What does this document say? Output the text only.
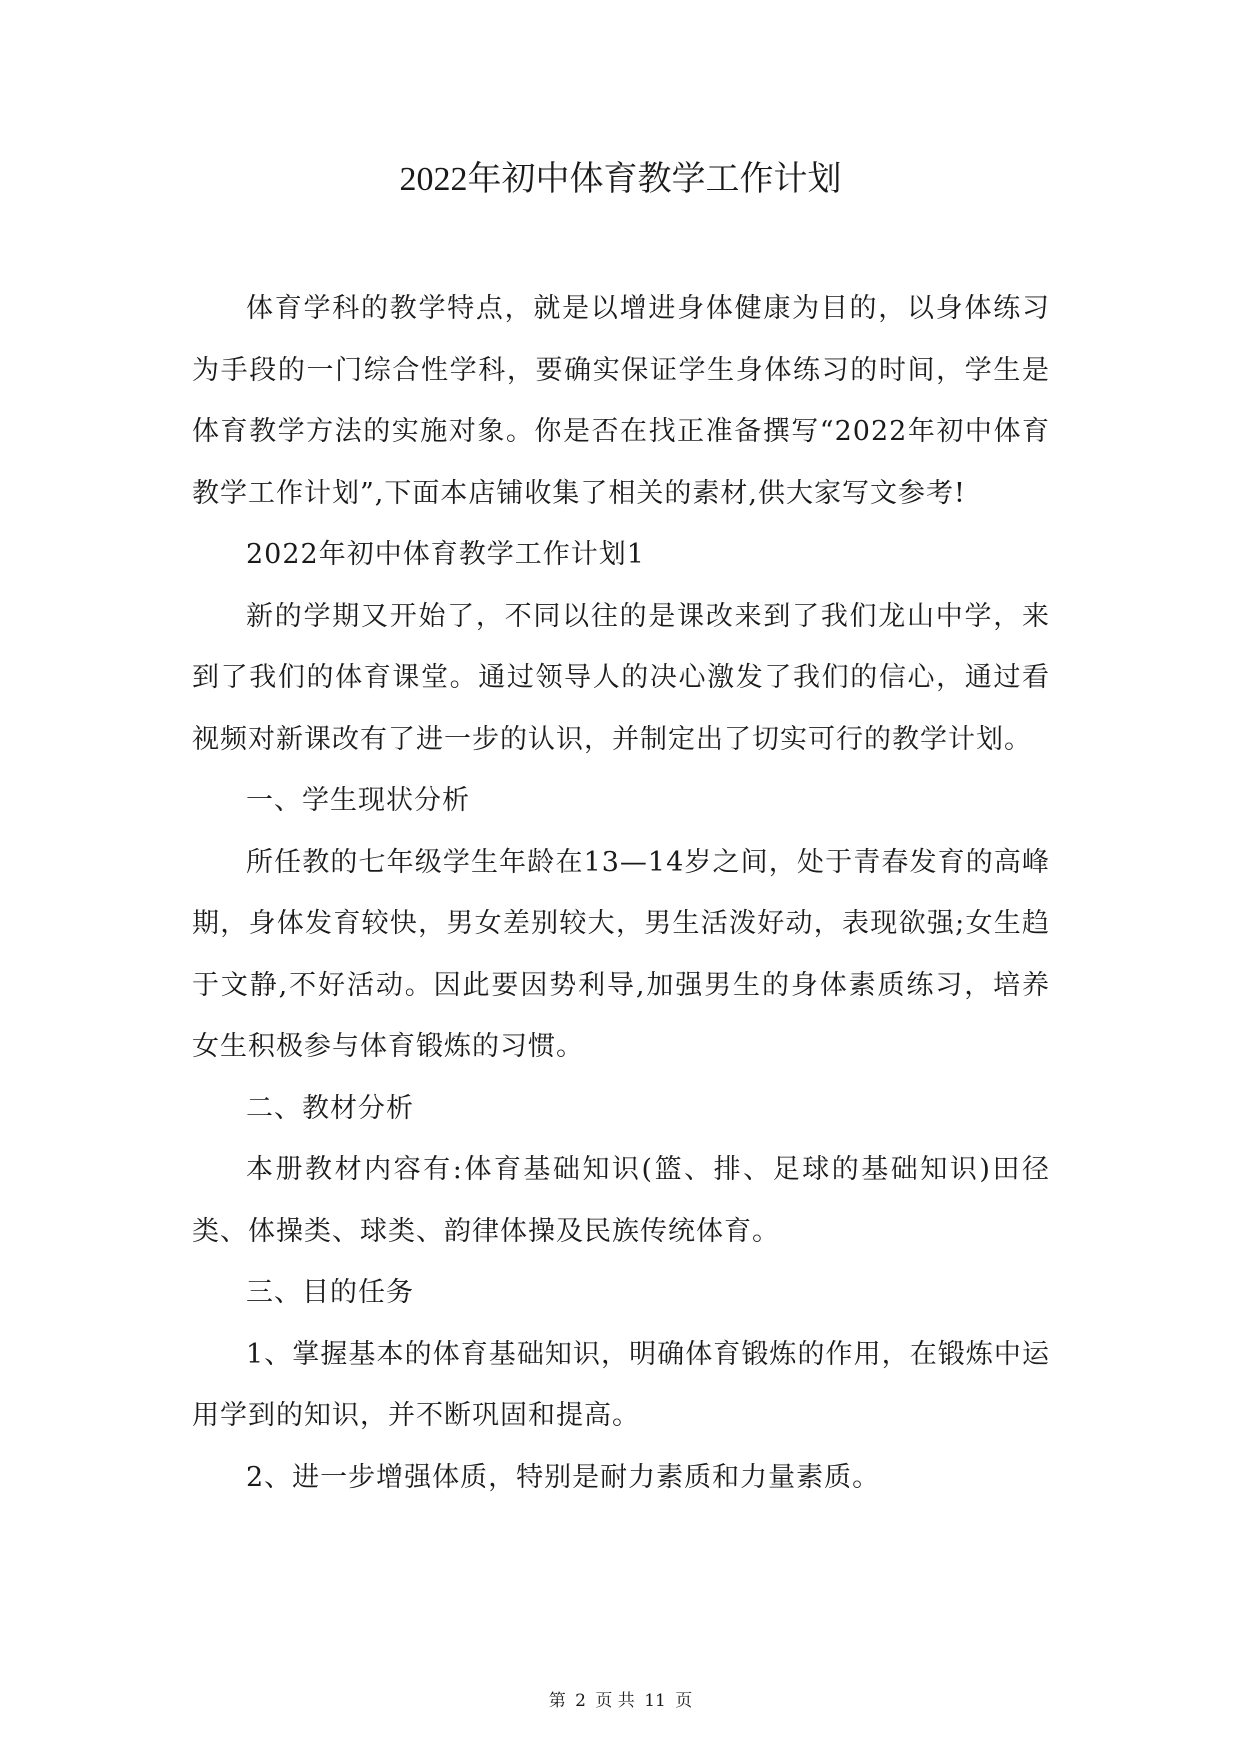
2022年初中体育教学工作计划

体育学科的教学特点，就是以增进身体健康为目的，以身体练习为手段的一门综合性学科，要确实保证学生身体练习的时间，学生是体育教学方法的实施对象。你是否在找正准备撰写“2022年初中体育教学工作计划”,下面本店铺收集了相关的素材,供大家写文参考!

2022年初中体育教学工作计划1

新的学期又开始了，不同以往的是课改来到了我们龙山中学，来到了我们的体育课堂。通过领导人的决心激发了我们的信心，通过看视频对新课改有了进一步的认识，并制定出了切实可行的教学计划。

一、学生现状分析

所任教的七年级学生年龄在13—14岁之间，处于青春发育的高峰期，身体发育较快，男女差别较大，男生活泼好动，表现欲强;女生趋于文静,不好活动。因此要因势利导,加强男生的身体素质练习，培养女生积极参与体育锻炼的习惯。

二、教材分析

本册教材内容有:体育基础知识(篮、排、足球的基础知识)田径类、体操类、球类、韵律体操及民族传统体育。

三、目的任务

1、掌握基本的体育基础知识，明确体育锻炼的作用，在锻炼中运用学到的知识，并不断巩固和提高。

2、进一步增强体质，特别是耐力素质和力量素质。

第 2 页 共 11 页
